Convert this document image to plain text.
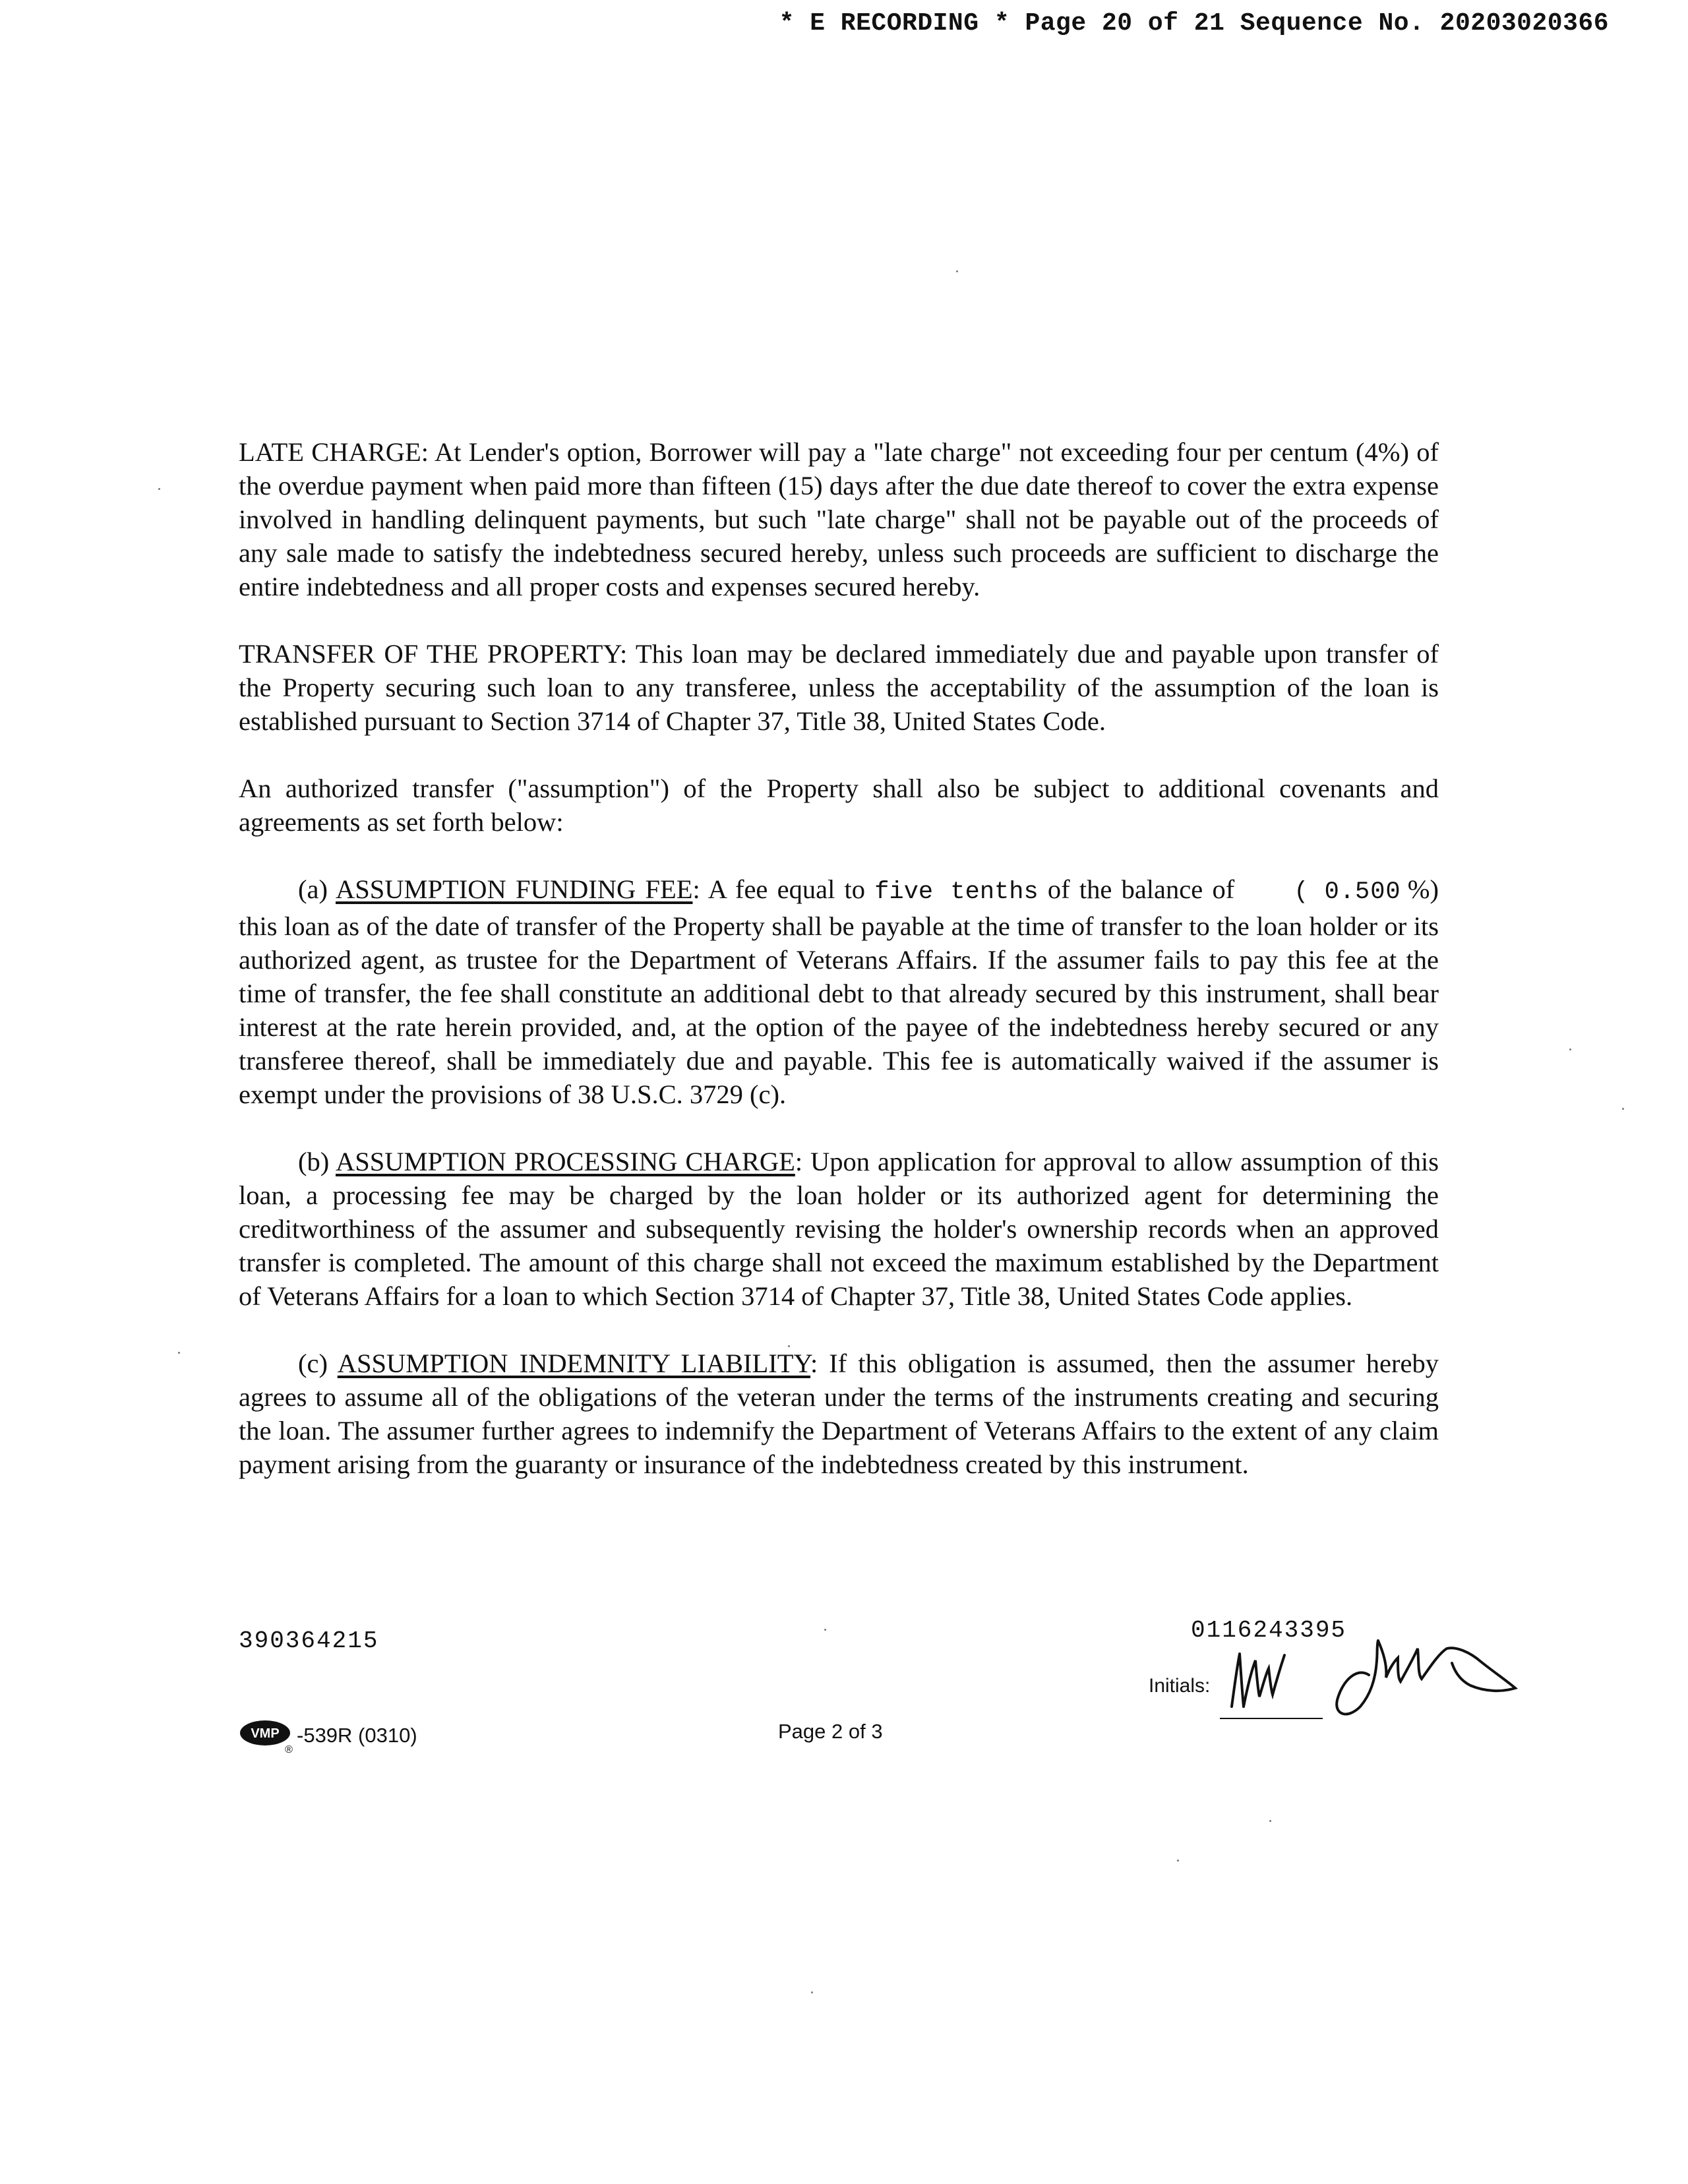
* E RECORDING * Page 20 of 21 Sequence No. 20203020366

LATE CHARGE: At Lender's option, Borrower will pay a "late charge" not exceeding four per centum (4%) of the overdue payment when paid more than fifteen (15) days after the due date thereof to cover the extra expense involved in handling delinquent payments, but such "late charge" shall not be payable out of the proceeds of any sale made to satisfy the indebtedness secured hereby, unless such proceeds are sufficient to discharge the entire indebtedness and all proper costs and expenses secured hereby.

TRANSFER OF THE PROPERTY: This loan may be declared immediately due and payable upon transfer of the Property securing such loan to any transferee, unless the acceptability of the assumption of the loan is established pursuant to Section 3714 of Chapter 37, Title 38, United States Code.

An authorized transfer ("assumption") of the Property shall also be subject to additional covenants and agreements as set forth below:

( 0.500 %)
(a) ASSUMPTION FUNDING FEE: A fee equal to five tenths of the balance of this loan as of the date of transfer of the Property shall be payable at the time of transfer to the loan holder or its authorized agent, as trustee for the Department of Veterans Affairs. If the assumer fails to pay this fee at the time of transfer, the fee shall constitute an additional debt to that already secured by this instrument, shall bear interest at the rate herein provided, and, at the option of the payee of the indebtedness hereby secured or any transferee thereof, shall be immediately due and payable. This fee is automatically waived if the assumer is exempt under the provisions of 38 U.S.C. 3729 (c).

(b) ASSUMPTION PROCESSING CHARGE: Upon application for approval to allow assumption of this loan, a processing fee may be charged by the loan holder or its authorized agent for determining the creditworthiness of the assumer and subsequently revising the holder's ownership records when an approved transfer is completed. The amount of this charge shall not exceed the maximum established by the Department of Veterans Affairs for a loan to which Section 3714 of Chapter 37, Title 38, United States Code applies.

(c) ASSUMPTION INDEMNITY LIABILITY: If this obligation is assumed, then the assumer hereby agrees to assume all of the obligations of the veteran under the terms of the instruments creating and securing the loan. The assumer further agrees to indemnify the Department of Veterans Affairs to the extent of any claim payment arising from the guaranty or insurance of the indebtedness created by this instrument.

390364215	0116243395
Initials:
VMP
®
-539R (0310)	Page 2 of 3
